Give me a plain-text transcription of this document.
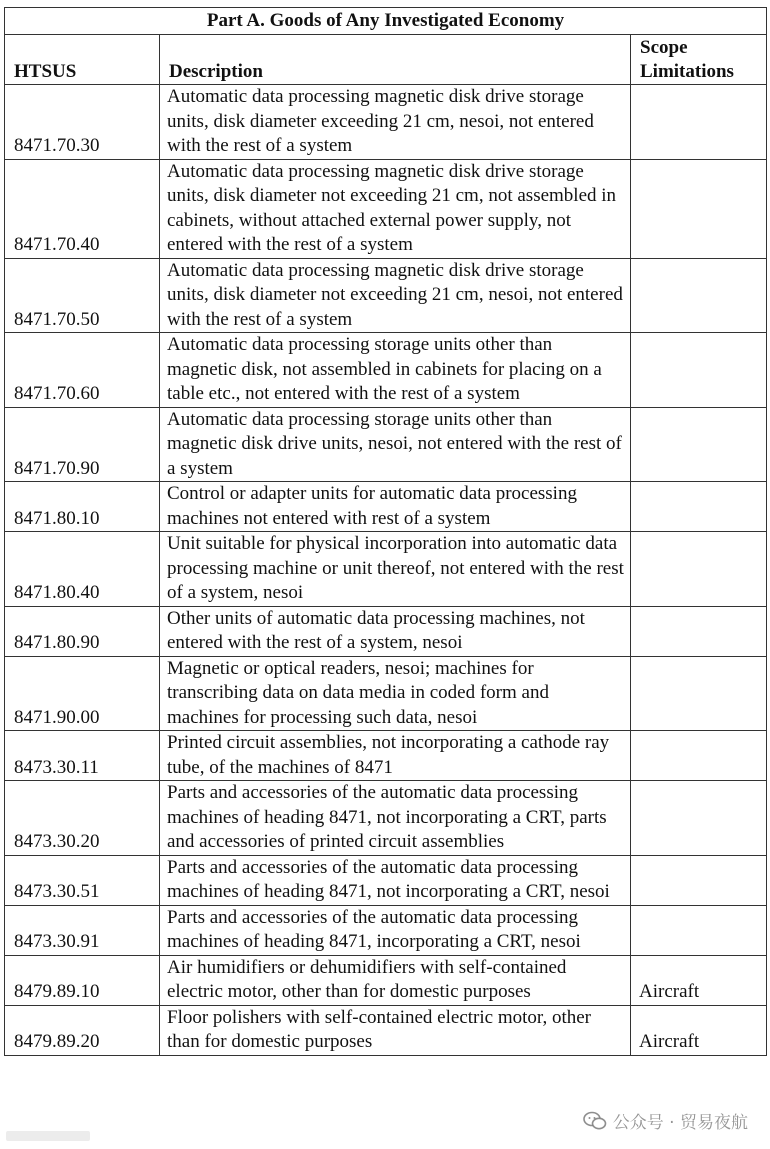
Part A. Goods of Any Investigated Economy		
HTSUS	Description	Scope Limitations
8471.70.30	Automatic data processing magnetic disk drive storage units, disk diameter exceeding 21 cm, nesoi, not entered with the rest of a system	
8471.70.40	Automatic data processing magnetic disk drive storage units, disk diameter not exceeding 21 cm, not assembled in cabinets, without attached external power supply, not entered with the rest of a system	
8471.70.50	Automatic data processing magnetic disk drive storage units, disk diameter not exceeding 21 cm, nesoi, not entered with the rest of a system	
8471.70.60	Automatic data processing storage units other than magnetic disk, not assembled in cabinets for placing on a table etc., not entered with the rest of a system	
8471.70.90	Automatic data processing storage units other than magnetic disk drive units, nesoi, not entered with the rest of a system	
8471.80.10	Control or adapter units for automatic data processing machines not entered with rest of a system	
8471.80.40	Unit suitable for physical incorporation into automatic data processing machine or unit thereof, not entered with the rest of a system, nesoi	
8471.80.90	Other units of automatic data processing machines, not entered with the rest of a system, nesoi	
8471.90.00	Magnetic or optical readers, nesoi; machines for transcribing data on data media in coded form and machines for processing such data, nesoi	
8473.30.11	Printed circuit assemblies, not incorporating a cathode ray tube, of the machines of 8471	
8473.30.20	Parts and accessories of the automatic data processing machines of heading 8471, not incorporating a CRT, parts and accessories of printed circuit assemblies	
8473.30.51	Parts and accessories of the automatic data processing machines of heading 8471, not incorporating a CRT, nesoi	
8473.30.91	Parts and accessories of the automatic data processing machines of heading 8471, incorporating a CRT, nesoi	
8479.89.10	Air humidifiers or dehumidifiers with self-contained electric motor, other than for domestic purposes	Aircraft
8479.89.20	Floor polishers with self-contained electric motor, other than for domestic purposes	Aircraft
公众号 · 贸易夜航
